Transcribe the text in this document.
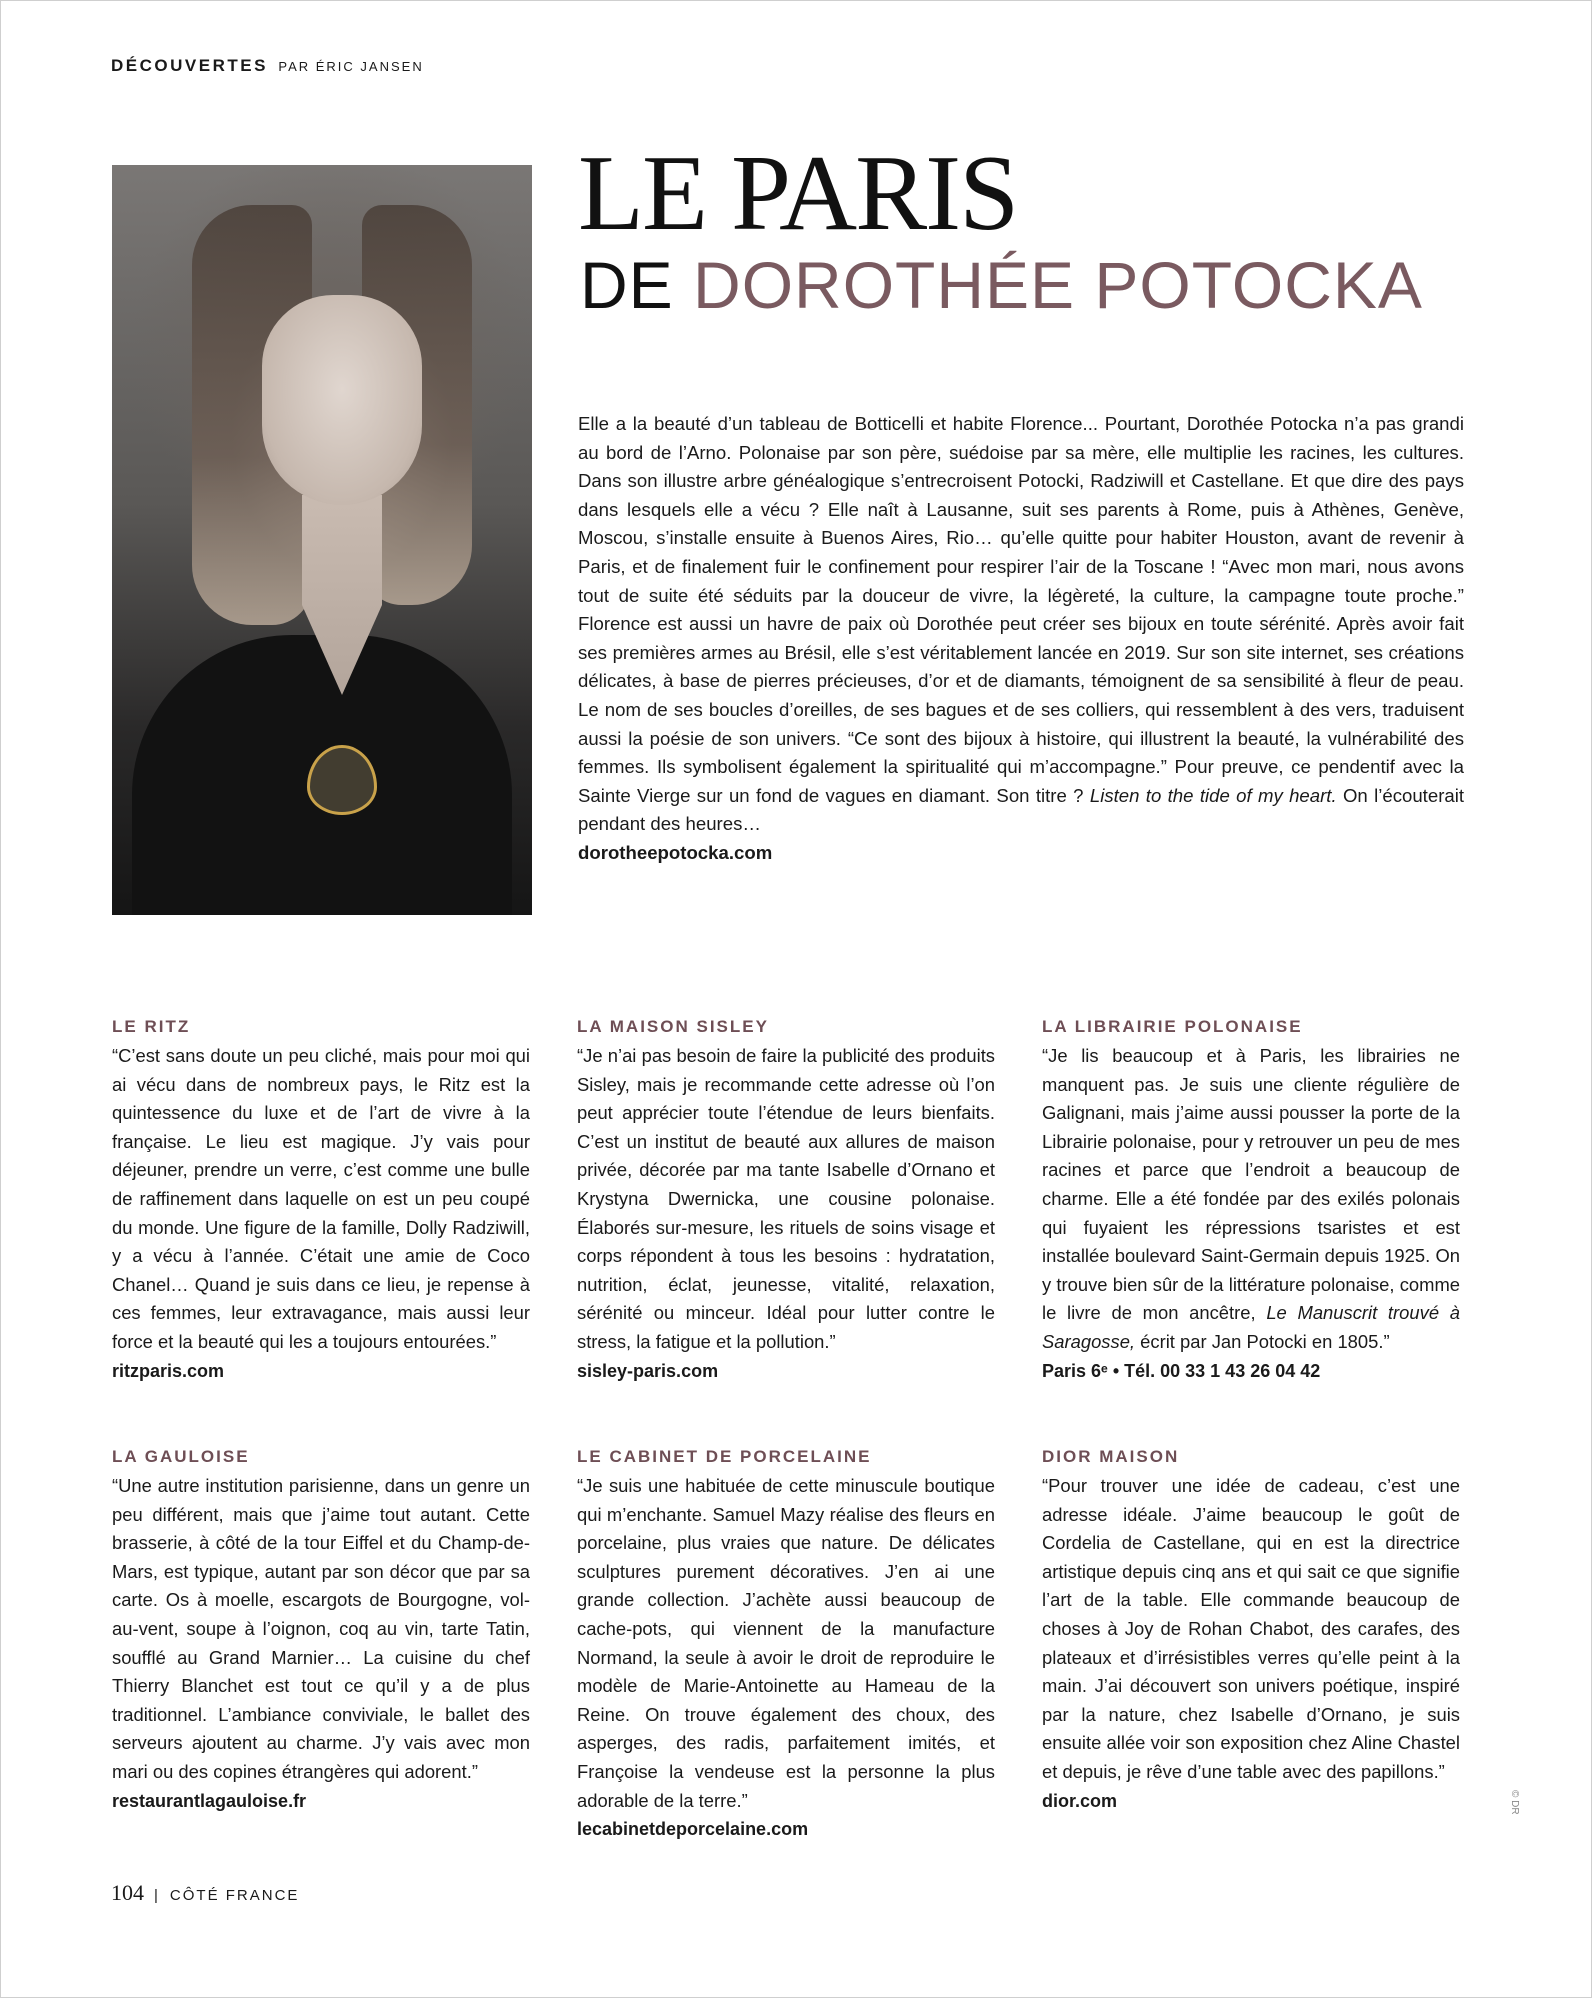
DÉCOUVERTES PAR ÉRIC JANSEN
LE PARIS
DE DOROTHÉE POTOCKA
Elle a la beauté d’un tableau de Botticelli et habite Florence... Pourtant, Dorothée Potocka n’a pas grandi au bord de l’Arno. Polonaise par son père, suédoise par sa mère, elle multiplie les racines, les cultures. Dans son illustre arbre généalogique s’entrecroisent Potocki, Radziwill et Castellane. Et que dire des pays dans lesquels elle a vécu ? Elle naît à Lausanne, suit ses parents à Rome, puis à Athènes, Genève, Moscou, s’installe ensuite à Buenos Aires, Rio… qu’elle quitte pour habiter Houston, avant de revenir à Paris, et de finalement fuir le confinement pour respirer l’air de la Toscane ! “Avec mon mari, nous avons tout de suite été séduits par la douceur de vivre, la légèreté, la culture, la campagne toute proche.” Florence est aussi un havre de paix où Dorothée peut créer ses bijoux en toute sérénité. Après avoir fait ses premières armes au Brésil, elle s’est véritablement lancée en 2019. Sur son site internet, ses créations délicates, à base de pierres précieuses, d’or et de diamants, témoignent de sa sensibilité à fleur de peau. Le nom de ses boucles d’oreilles, de ses bagues et de ses colliers, qui ressemblent à des vers, traduisent aussi la poésie de son univers. “Ce sont des bijoux à histoire, qui illustrent la beauté, la vulnérabilité des femmes. Ils symbolisent également la spiritualité qui m’accompagne.” Pour preuve, ce pendentif avec la Sainte Vierge sur un fond de vagues en diamant. Son titre ? Listen to the tide of my heart. On l’écouterait pendant des heures…
dorotheepotocka.com
LE RITZ

“C’est sans doute un peu cliché, mais pour moi qui ai vécu dans de nombreux pays, le Ritz est la quintessence du luxe et de l’art de vivre à la française. Le lieu est magique. J’y vais pour déjeuner, prendre un verre, c’est comme une bulle de raffinement dans laquelle on est un peu coupé du monde. Une figure de la famille, Dolly Radziwill, y a vécu à l’année. C’était une amie de Coco Chanel… Quand je suis dans ce lieu, je repense à ces femmes, leur extravagance, mais aussi leur force et la beauté qui les a toujours entourées.”

ritzparis.com

LA MAISON SISLEY

“Je n’ai pas besoin de faire la publicité des produits Sisley, mais je recommande cette adresse où l’on peut apprécier toute l’étendue de leurs bienfaits. C’est un institut de beauté aux allures de maison privée, décorée par ma tante Isabelle d’Ornano et Krystyna Dwernicka, une cousine polonaise. Élaborés sur-mesure, les rituels de soins visage et corps répondent à tous les besoins : hydratation, nutrition, éclat, jeunesse, vitalité, relaxation, sérénité ou minceur. Idéal pour lutter contre le stress, la fatigue et la pollution.”

sisley-paris.com

LA LIBRAIRIE POLONAISE

“Je lis beaucoup et à Paris, les librairies ne manquent pas. Je suis une cliente régulière de Galignani, mais j’aime aussi pousser la porte de la Librairie polonaise, pour y retrouver un peu de mes racines et parce que l’endroit a beaucoup de charme. Elle a été fondée par des exilés polonais qui fuyaient les répressions tsaristes et est installée boulevard Saint-Germain depuis 1925. On y trouve bien sûr de la littérature polonaise, comme le livre de mon ancêtre, Le Manuscrit trouvé à Saragosse, écrit par Jan Potocki en 1805.”

Paris 6ᵉ • Tél. 00 33 1 43 26 04 42

LA GAULOISE

“Une autre institution parisienne, dans un genre un peu différent, mais que j’aime tout autant. Cette brasserie, à côté de la tour Eiffel et du Champ-de-Mars, est typique, autant par son décor que par sa carte. Os à moelle, escargots de Bourgogne, vol-au-vent, soupe à l’oignon, coq au vin, tarte Tatin, soufflé au Grand Marnier… La cuisine du chef Thierry Blanchet est tout ce qu’il y a de plus traditionnel. L’ambiance conviviale, le ballet des serveurs ajoutent au charme. J’y vais avec mon mari ou des copines étrangères qui adorent.”

restaurantlagauloise.fr

LE CABINET DE PORCELAINE

“Je suis une habituée de cette minuscule boutique qui m’enchante. Samuel Mazy réalise des fleurs en porcelaine, plus vraies que nature. De délicates sculptures purement décoratives. J’en ai une grande collection. J’achète aussi beaucoup de cache-pots, qui viennent de la manufacture Normand, la seule à avoir le droit de reproduire le modèle de Marie-Antoinette au Hameau de la Reine. On trouve également des choux, des asperges, des radis, parfaitement imités, et Françoise la vendeuse est la personne la plus adorable de la terre.”

lecabinetdeporcelaine.com

DIOR MAISON

“Pour trouver une idée de cadeau, c’est une adresse idéale. J’aime beaucoup le goût de Cordelia de Castellane, qui en est la directrice artistique depuis cinq ans et qui sait ce que signifie l’art de la table. Elle commande beaucoup de choses à Joy de Rohan Chabot, des carafes, des plateaux et d’irrésistibles verres qu’elle peint à la main. J’ai découvert son univers poétique, inspiré par la nature, chez Isabelle d’Ornano, je suis ensuite allée voir son exposition chez Aline Chastel et depuis, je rêve d’une table avec des papillons.”

dior.com

104 | CÔTÉ FRANCE
© DR
